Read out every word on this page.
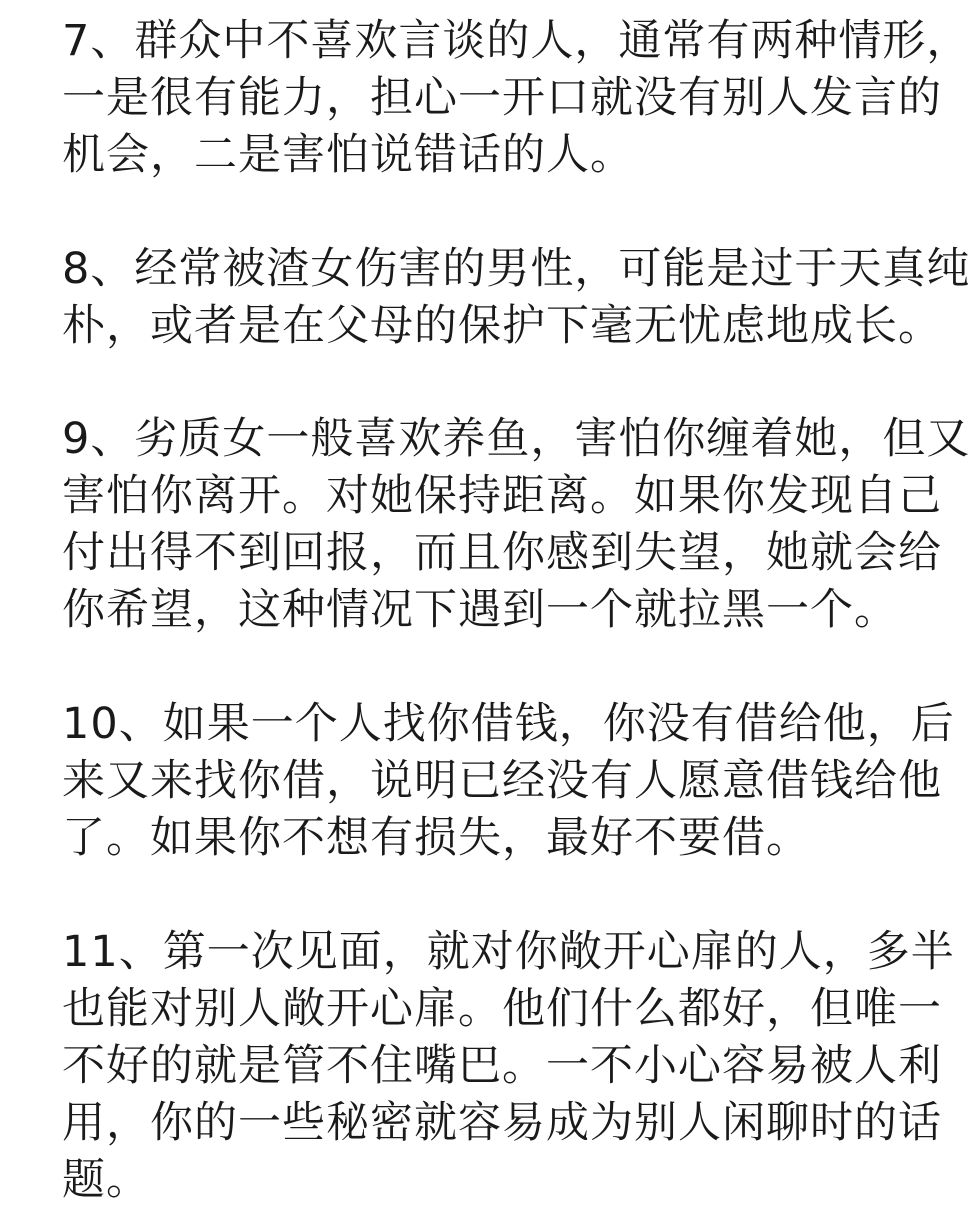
7、群众中不喜欢言谈的人，通常有两种情形，
一是很有能力，担心一开口就没有别人发言的
机会，二是害怕说错话的人。

8、经常被渣女伤害的男性，可能是过于天真纯
朴，或者是在父母的保护下毫无忧虑地成长。

9、劣质女一般喜欢养鱼，害怕你缠着她，但又
害怕你离开。对她保持距离。如果你发现自己
付出得不到回报，而且你感到失望，她就会给
你希望，这种情况下遇到一个就拉黑一个。

10、如果一个人找你借钱，你没有借给他，后
来又来找你借，说明已经没有人愿意借钱给他
了。如果你不想有损失，最好不要借。

11、第一次见面，就对你敞开心扉的人，多半
也能对别人敞开心扉。他们什么都好，但唯一
不好的就是管不住嘴巴。一不小心容易被人利
用，你的一些秘密就容易成为别人闲聊时的话
题。
